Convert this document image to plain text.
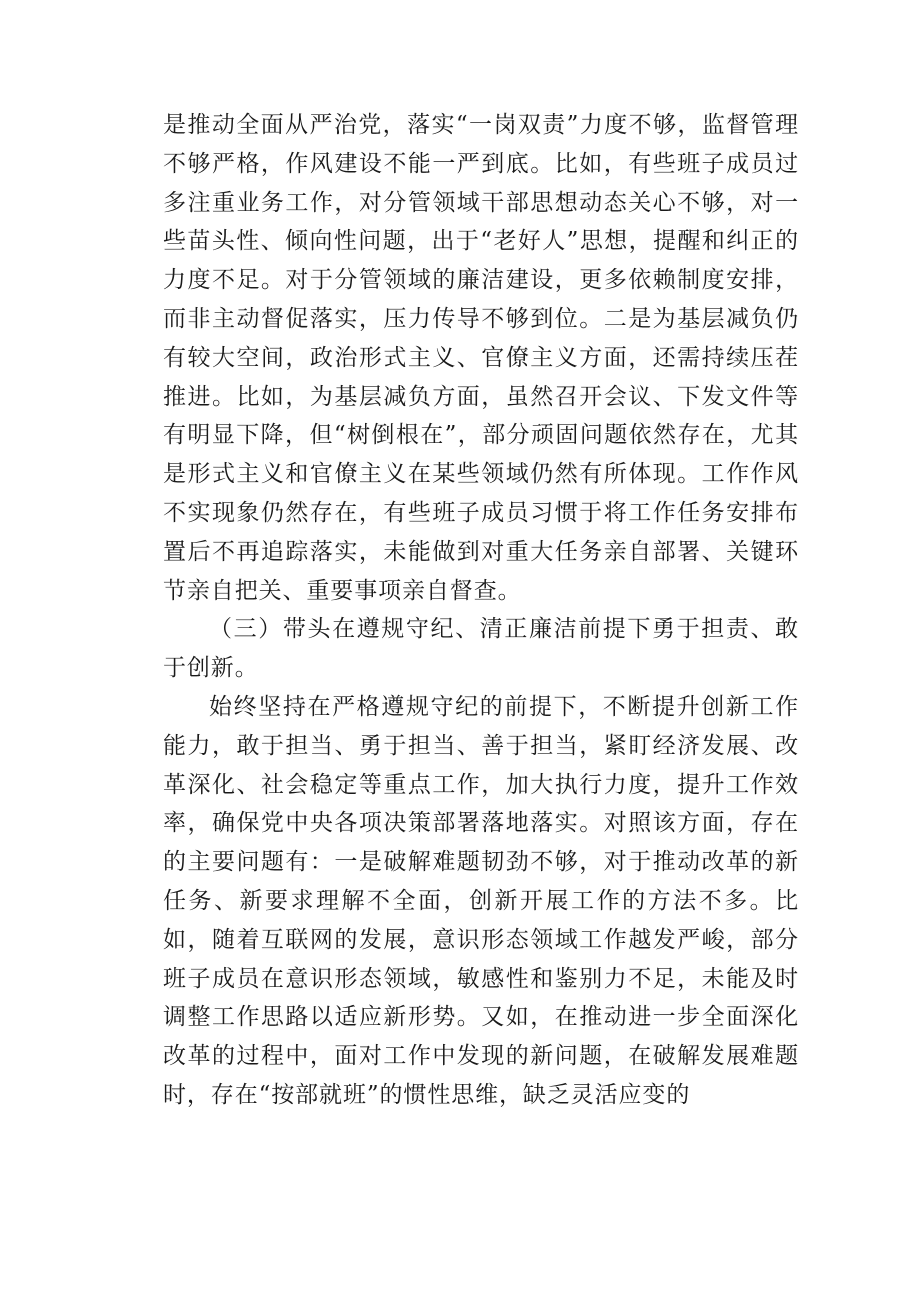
是推动全面从严治党，落实“一岗双责”力度不够，监督管理不够严格，作风建设不能一严到底。比如，有些班子成员过多注重业务工作，对分管领域干部思想动态关心不够，对一些苗头性、倾向性问题，出于“老好人”思想，提醒和纠正的力度不足。对于分管领域的廉洁建设，更多依赖制度安排，而非主动督促落实，压力传导不够到位。二是为基层减负仍有较大空间，政治形式主义、官僚主义方面，还需持续压茬推进。比如，为基层减负方面，虽然召开会议、下发文件等有明显下降，但“树倒根在”，部分顽固问题依然存在，尤其是形式主义和官僚主义在某些领域仍然有所体现。工作作风不实现象仍然存在，有些班子成员习惯于将工作任务安排布置后不再追踪落实，未能做到对重大任务亲自部署、关键环节亲自把关、重要事项亲自督查。

（三）带头在遵规守纪、清正廉洁前提下勇于担责、敢于创新。

始终坚持在严格遵规守纪的前提下，不断提升创新工作能力，敢于担当、勇于担当、善于担当，紧盯经济发展、改革深化、社会稳定等重点工作，加大执行力度，提升工作效率，确保党中央各项决策部署落地落实。对照该方面，存在的主要问题有：一是破解难题韧劲不够，对于推动改革的新任务、新要求理解不全面，创新开展工作的方法不多。比如，随着互联网的发展，意识形态领域工作越发严峻，部分班子成员在意识形态领域，敏感性和鉴别力不足，未能及时调整工作思路以适应新形势。又如，在推动进一步全面深化改革的过程中，面对工作中发现的新问题，在破解发展难题时，存在“按部就班”的惯性思维，缺乏灵活应变的
